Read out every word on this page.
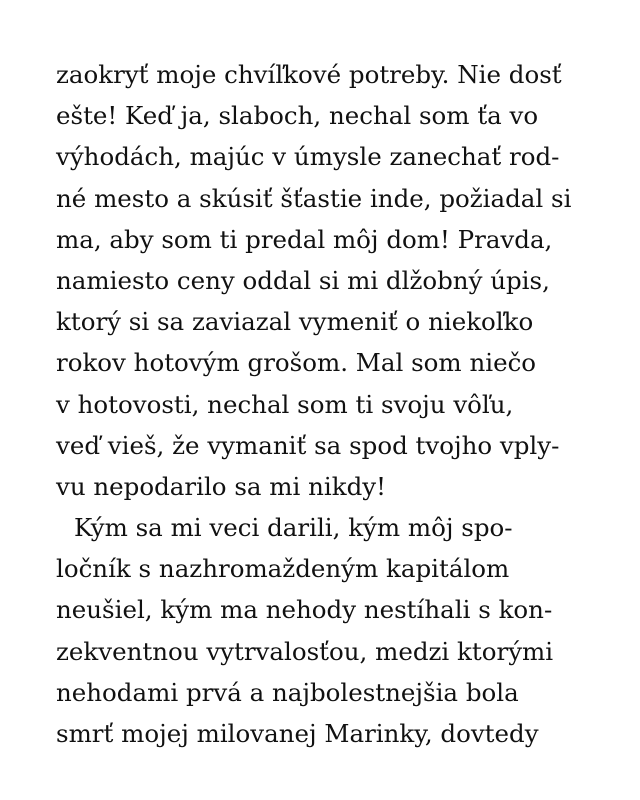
zaokryť moje chvíľkové potreby. Nie dosť
ešte! Keď ja, slaboch, nechal som ťa vo
výhodách, majúc v úmysle zanechať rod-
né mesto a skúsiť šťastie inde, požiadal si
ma, aby som ti predal môj dom! Pravda,
namiesto ceny oddal si mi dlžobný úpis,
ktorý si sa zaviazal vymeniť o niekoľko
rokov hotovým grošom. Mal som niečo
v hotovosti, nechal som ti svoju vôľu,
veď vieš, že vymaniť sa spod tvojho vply-
vu nepodarilo sa mi nikdy!
Kým sa mi veci darili, kým môj spo-
ločník s nazhromaždeným kapitálom
neušiel, kým ma nehody nestíhali s kon-
zekventnou vytrvalosťou, medzi ktorými
nehodami prvá a najbolestnejšia bola
smrť mojej milovanej Marinky, dovtedy
